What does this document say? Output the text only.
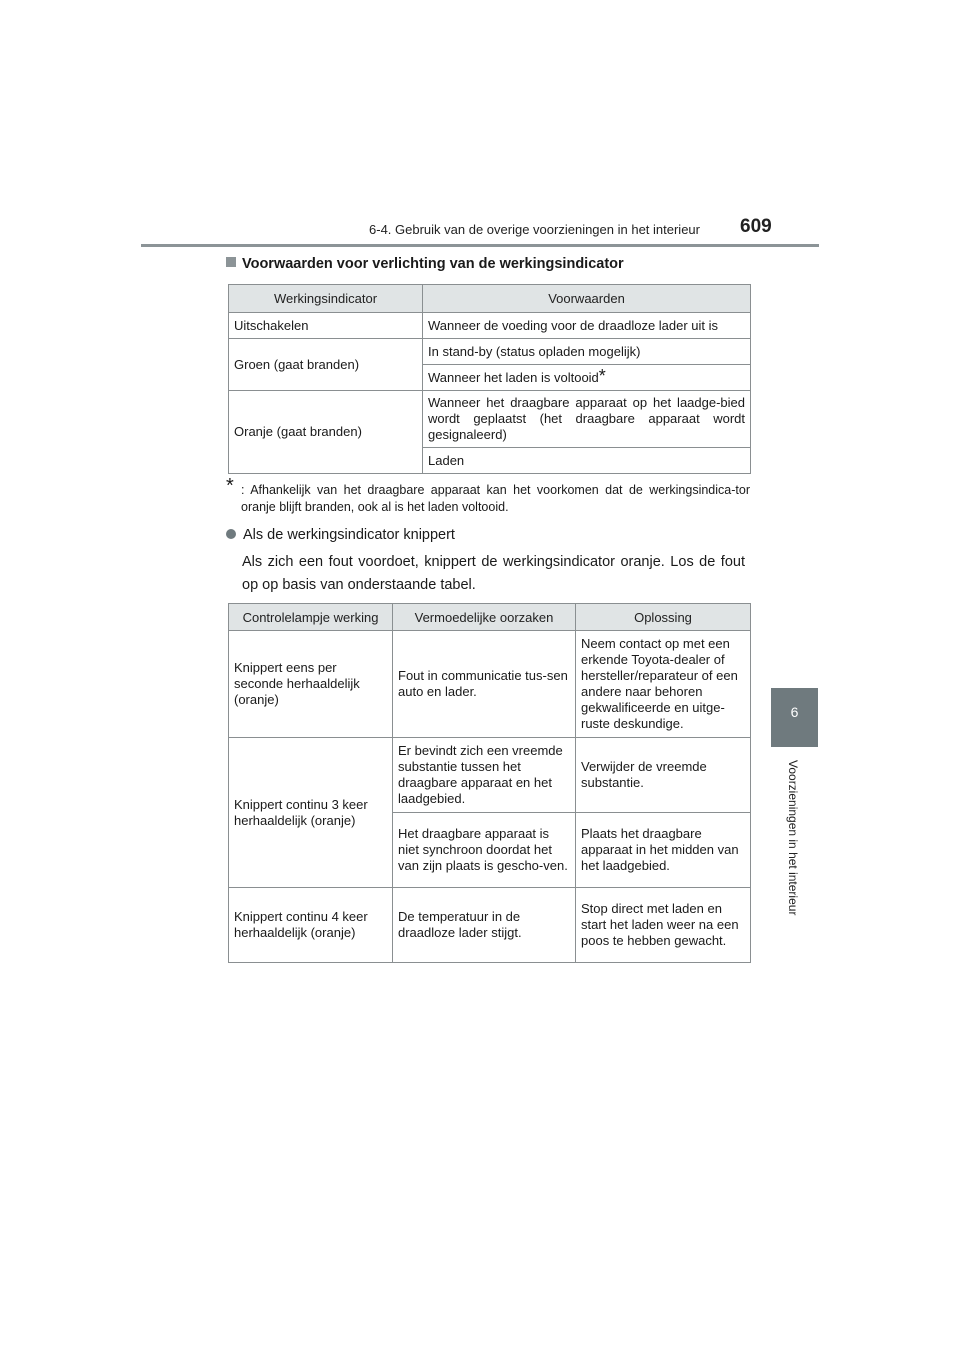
6-4. Gebruik van de overige voorzieningen in het interieur 609
6
Voorzieningen in het interieur
Voorwaarden voor verlichting van de werkingsindicator
Werkingsindicator	Voorwaarden
Uitschakelen	Wanneer de voeding voor de draadloze lader uit is
Groen (gaat branden)	In stand-by (status opladen mogelijk)
	Wanneer het laden is voltooid*
Oranje (gaat branden)	Wanneer het draagbare apparaat op het laadge-bied wordt geplaatst (het draagbare apparaat wordt gesignaleerd)
	Laden
* : Afhankelijk van het draagbare apparaat kan het voorkomen dat de werkingsindica-tor oranje blijft branden, ook al is het laden voltooid.
Als de werkingsindicator knippert
Als zich een fout voordoet, knippert de werkingsindicator oranje. Los de fout op op basis van onderstaande tabel.
Controlelampje werking	Vermoedelijke oorzaken	Oplossing
Knippert eens per seconde herhaaldelijk (oranje)	Fout in communicatie tus-sen auto en lader.	Neem contact op met een erkende Toyota-dealer of hersteller/reparateur of een andere naar behoren gekwalificeerde en uitge-ruste deskundige.
Knippert continu 3 keer herhaaldelijk (oranje)	Er bevindt zich een vreemde substantie tussen het draagbare apparaat en het laadgebied.	Verwijder de vreemde substantie.
	Het draagbare apparaat is niet synchroon doordat het van zijn plaats is gescho-ven.	Plaats het draagbare apparaat in het midden van het laadgebied.
Knippert continu 4 keer herhaaldelijk (oranje)	De temperatuur in de draadloze lader stijgt.	Stop direct met laden en start het laden weer na een poos te hebben gewacht.
